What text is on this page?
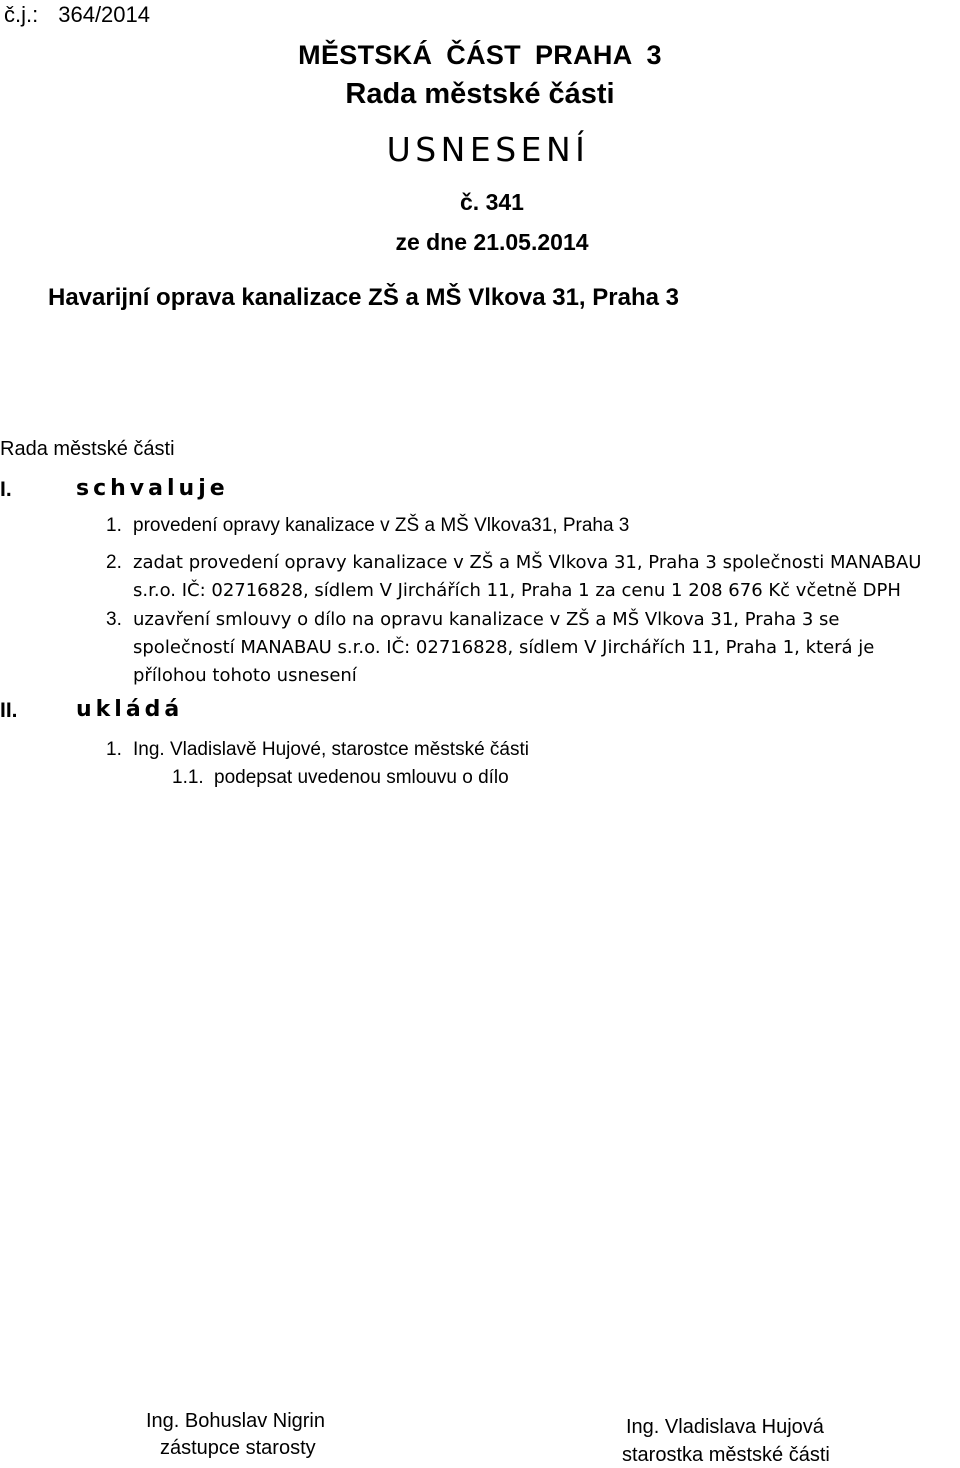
č.j.: 364/2014
MĚSTSKÁ ČÁST PRAHA 3
Rada městské části
USNESENÍ
č. 341
ze dne 21.05.2014
Havarijní oprava kanalizace ZŠ a MŠ Vlkova 31, Praha 3
Rada městské části
I.	schvaluje
1. provedení opravy kanalizace v ZŠ a MŠ Vlkova31, Praha 3
2. zadat provedení opravy kanalizace v ZŠ a MŠ Vlkova 31, Praha 3 společnosti MANABAU
s.r.o. IČ: 02716828, sídlem V Jirchářích 11, Praha 1 za cenu 1 208 676 Kč včetně DPH
3. uzavření smlouvy o dílo na opravu kanalizace v ZŠ a MŠ Vlkova 31, Praha 3 se
společností MANABAU s.r.o. IČ: 02716828, sídlem V Jirchářích 11, Praha 1, která je
přílohou tohoto usnesení
II.	ukládá
1. Ing. Vladislavě Hujové, starostce městské části
1.1. podepsat uvedenou smlouvu o dílo
Ing. Bohuslav Nigrin
zástupce starosty
Ing. Vladislava Hujová
starostka městské části
